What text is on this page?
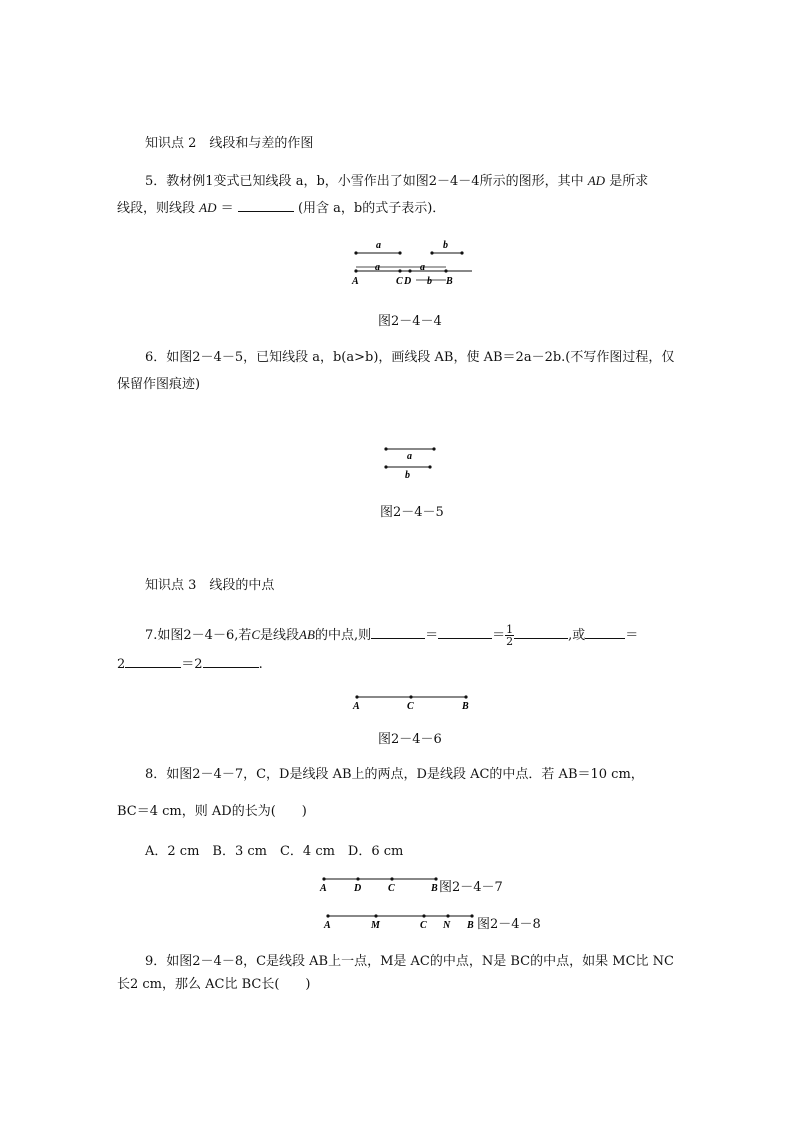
知识点 2　线段和与差的作图
5．教材例1变式已知线段 a，b，小雪作出了如图2－4－4所示的图形，其中 AD 是所求
线段，则线段 AD ＝	(用含 a，b的式子表示)．
a	b
a	a
b
A	C D	B
图2－4－4
6．如图2－4－5，已知线段 a，b(a>b)，画线段 AB，使 AB＝2a－2b.(不写作图过程，仅
保留作图痕迹)
a
b
图2－4－5
知识点 3　线段的中点
7.如图2－4－6,若C是线段AB的中点,则	＝	＝ $\frac{1}{2}$	,或	＝
2	＝2	.
A	C	B
图2－4－6
8．如图2－4－7，C，D是线段 AB上的两点，D是线段 AC的中点．若 AB＝10 cm，
BC＝4 cm，则 AD的长为(　　)
A．2 cm　B．3 cm　C．4 cm　D．6 cm
A	D	C	B 图2－4－7
A	M	C N B 图2－4－8
9．如图2－4－8，C是线段 AB上一点，M是 AC的中点，N是 BC的中点，如果 MC比 NC
长2 cm，那么 AC比 BC长(　　)
